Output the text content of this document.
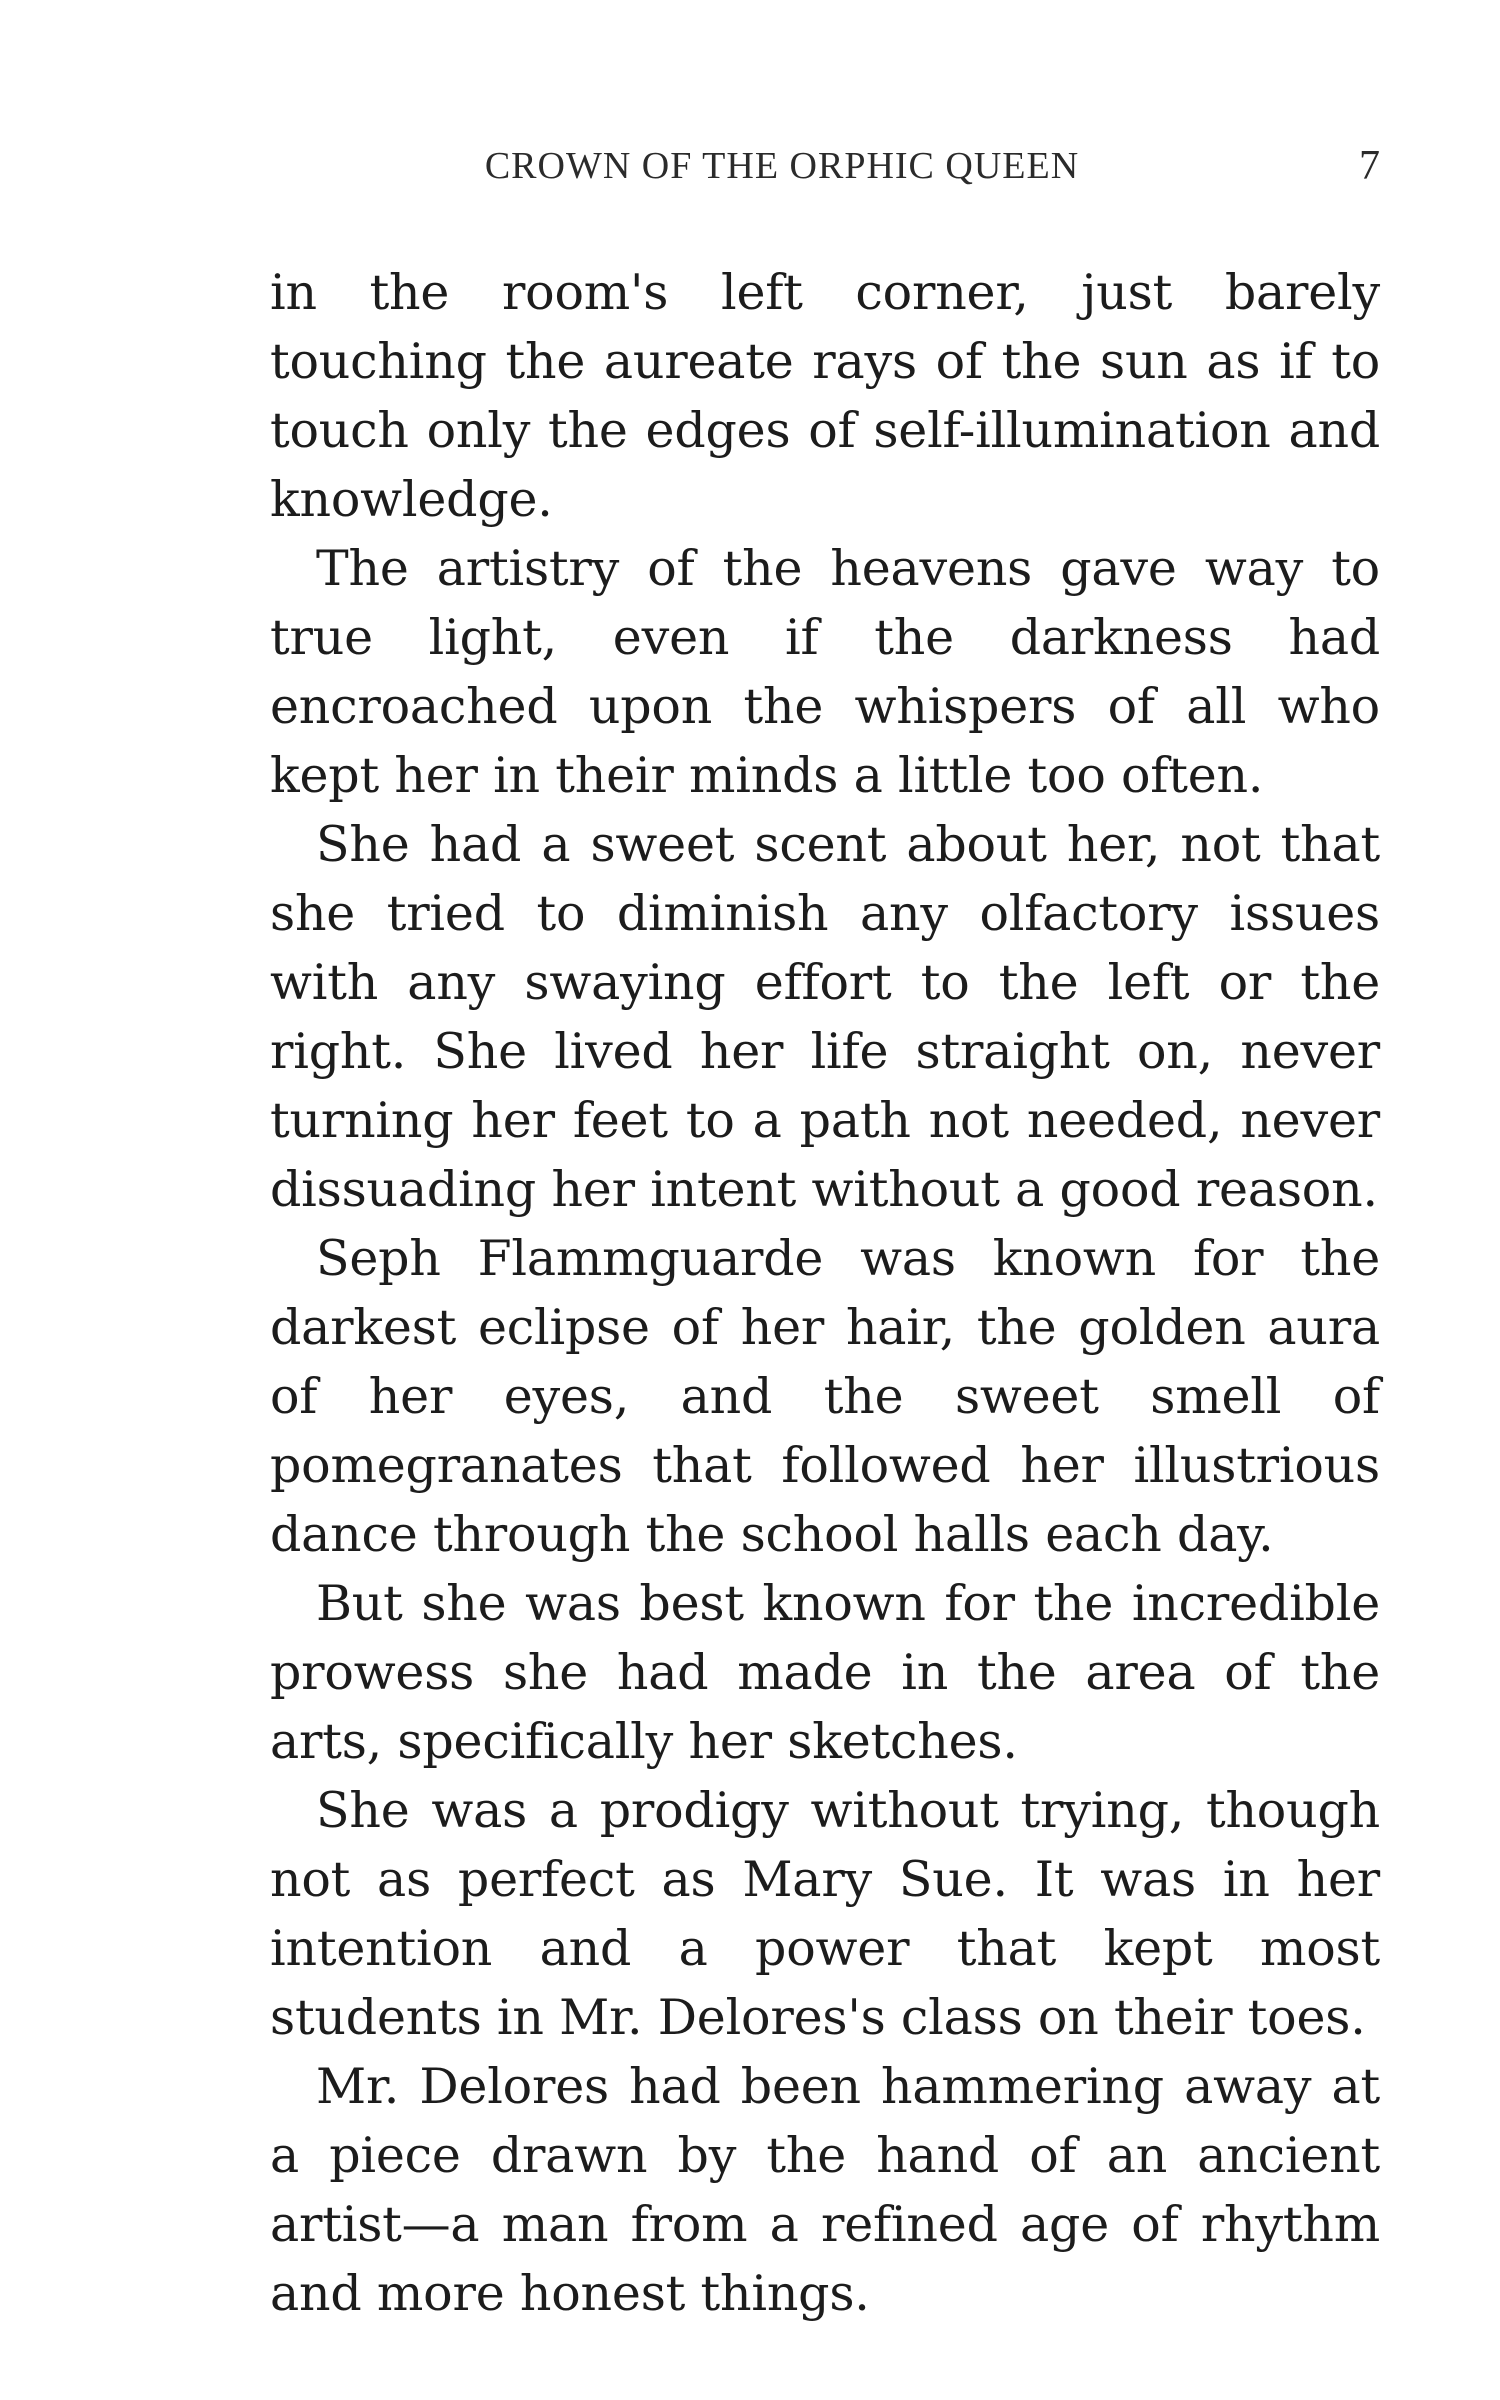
CROWN OF THE ORPHIC QUEEN	7

in the room's left corner, just barely touching the aureate rays of the sun as if to touch only the edges of self-illumination and knowledge.

The artistry of the heavens gave way to true light, even if the darkness had encroached upon the whispers of all who kept her in their minds a little too often.

She had a sweet scent about her, not that she tried to diminish any olfactory issues with any swaying effort to the left or the right. She lived her life straight on, never turning her feet to a path not needed, never dissuading her intent without a good reason.

Seph Flammguarde was known for the darkest eclipse of her hair, the golden aura of her eyes, and the sweet smell of pomegranates that followed her illustrious dance through the school halls each day.

But she was best known for the incredible prowess she had made in the area of the arts, specifically her sketches.

She was a prodigy without trying, though not as perfect as Mary Sue. It was in her intention and a power that kept most students in Mr. Delores's class on their toes.

Mr. Delores had been hammering away at a piece drawn by the hand of an ancient artist—a man from a refined age of rhythm and more honest things.
